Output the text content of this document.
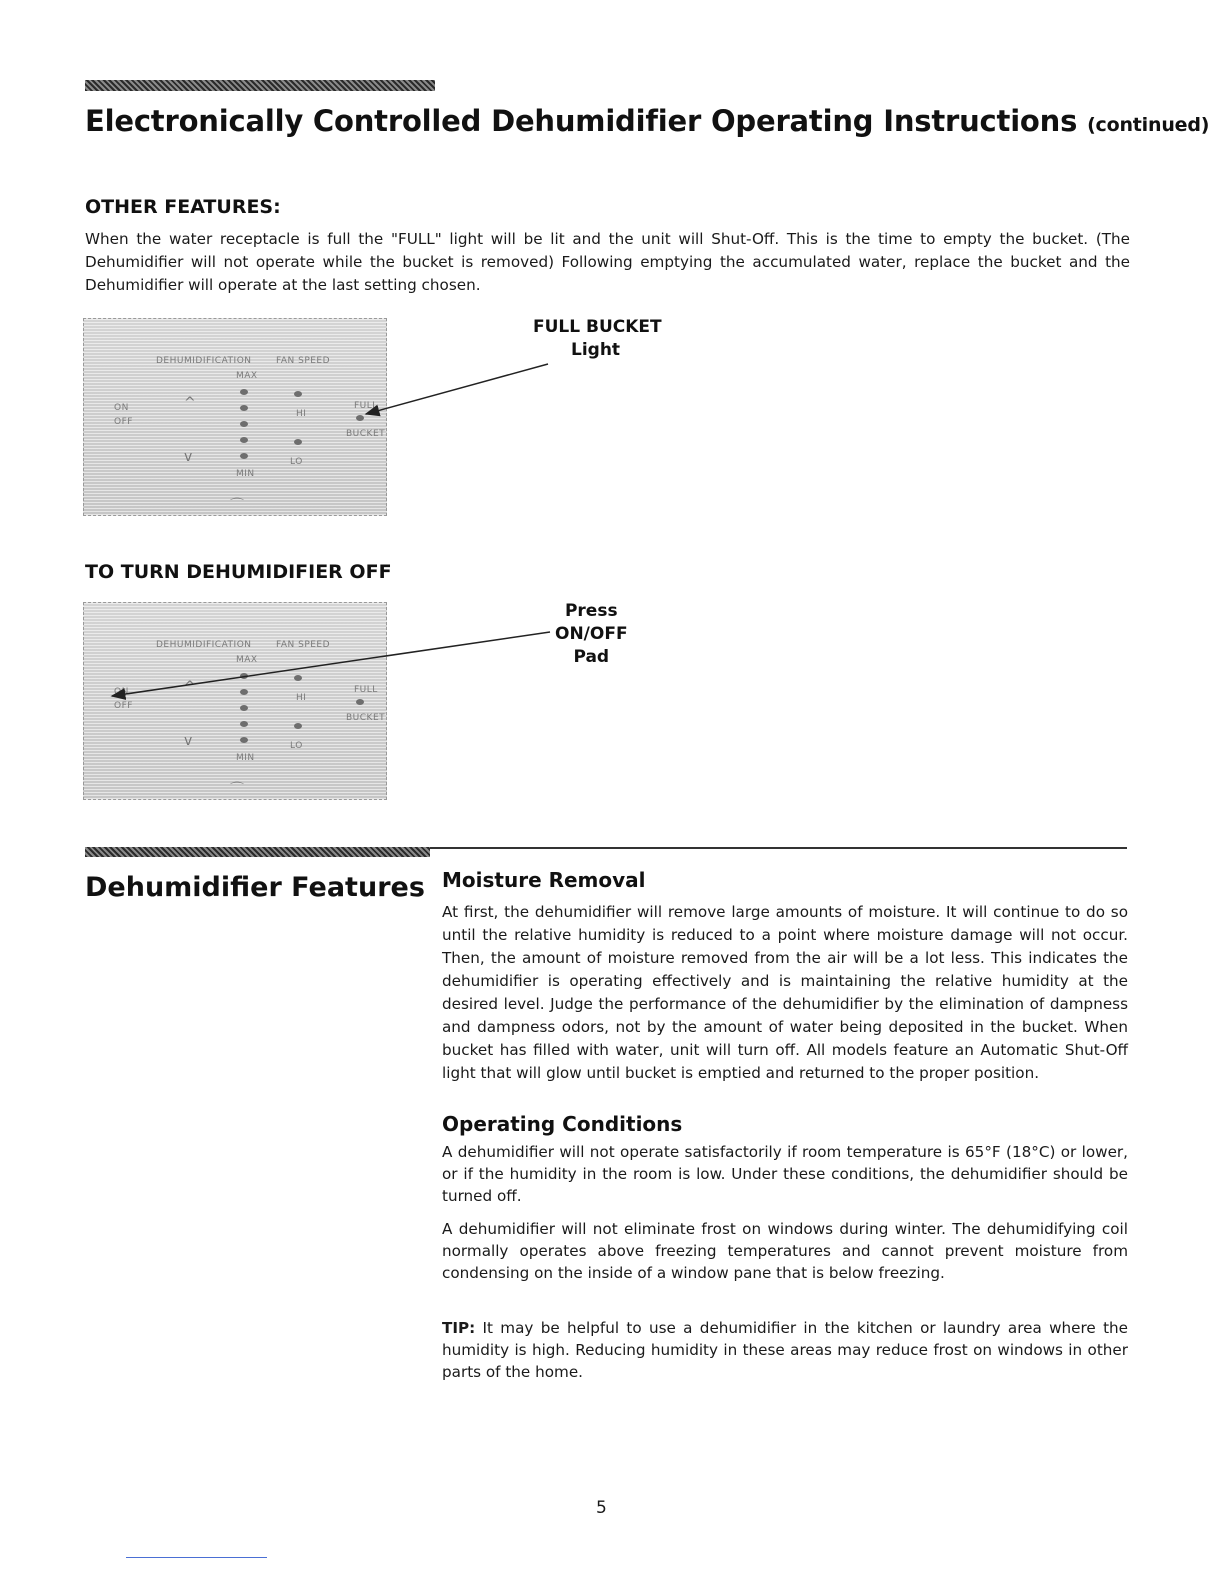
Electronically Controlled Dehumidifier Operating Instructions (continued)
OTHER FEATURES:
When the water receptacle is full the "FULL" light will be lit and the unit will Shut-Off. This is the time to empty the bucket. (The Dehumidifier will not operate while the bucket is removed) Following emptying the accumulated water, replace the bucket and the Dehumidifier will operate at the last setting chosen.
DEHUMIDIFICATION	FAN SPEED
MAX
ON
OFF
HI
LO
MIN
FULL
BUCKET
^
v
⌒
FULL BUCKET
Light
TO TURN DEHUMIDIFIER OFF
DEHUMIDIFICATION	FAN SPEED
MAX
ON
OFF
HI
LO
MIN
FULL
BUCKET
^
v
⌒
Press
ON/OFF
Pad
Dehumidifier Features Moisture Removal
At first, the dehumidifier will remove large amounts of moisture. It will continue to do so until the relative humidity is reduced to a point where moisture damage will not occur. Then, the amount of moisture removed from the air will be a lot less. This indicates the dehumidifier is operating effectively and is maintaining the relative humidity at the desired level. Judge the performance of the dehumidifier by the elimination of dampness and dampness odors, not by the amount of water being deposited in the bucket. When bucket has filled with water, unit will turn off. All models feature an Automatic Shut-Off light that will glow until bucket is emptied and returned to the proper position.
Operating Conditions
A dehumidifier will not operate satisfactorily if room temperature is 65°F (18°C) or lower, or if the humidity in the room is low. Under these conditions, the dehumidifier should be turned off.
A dehumidifier will not eliminate frost on windows during winter. The dehumidifying coil normally operates above freezing temperatures and cannot prevent moisture from condensing on the inside of a window pane that is below freezing.
TIP: It may be helpful to use a dehumidifier in the kitchen or laundry area where the humidity is high. Reducing humidity in these areas may reduce frost on windows in other parts of the home.
5
